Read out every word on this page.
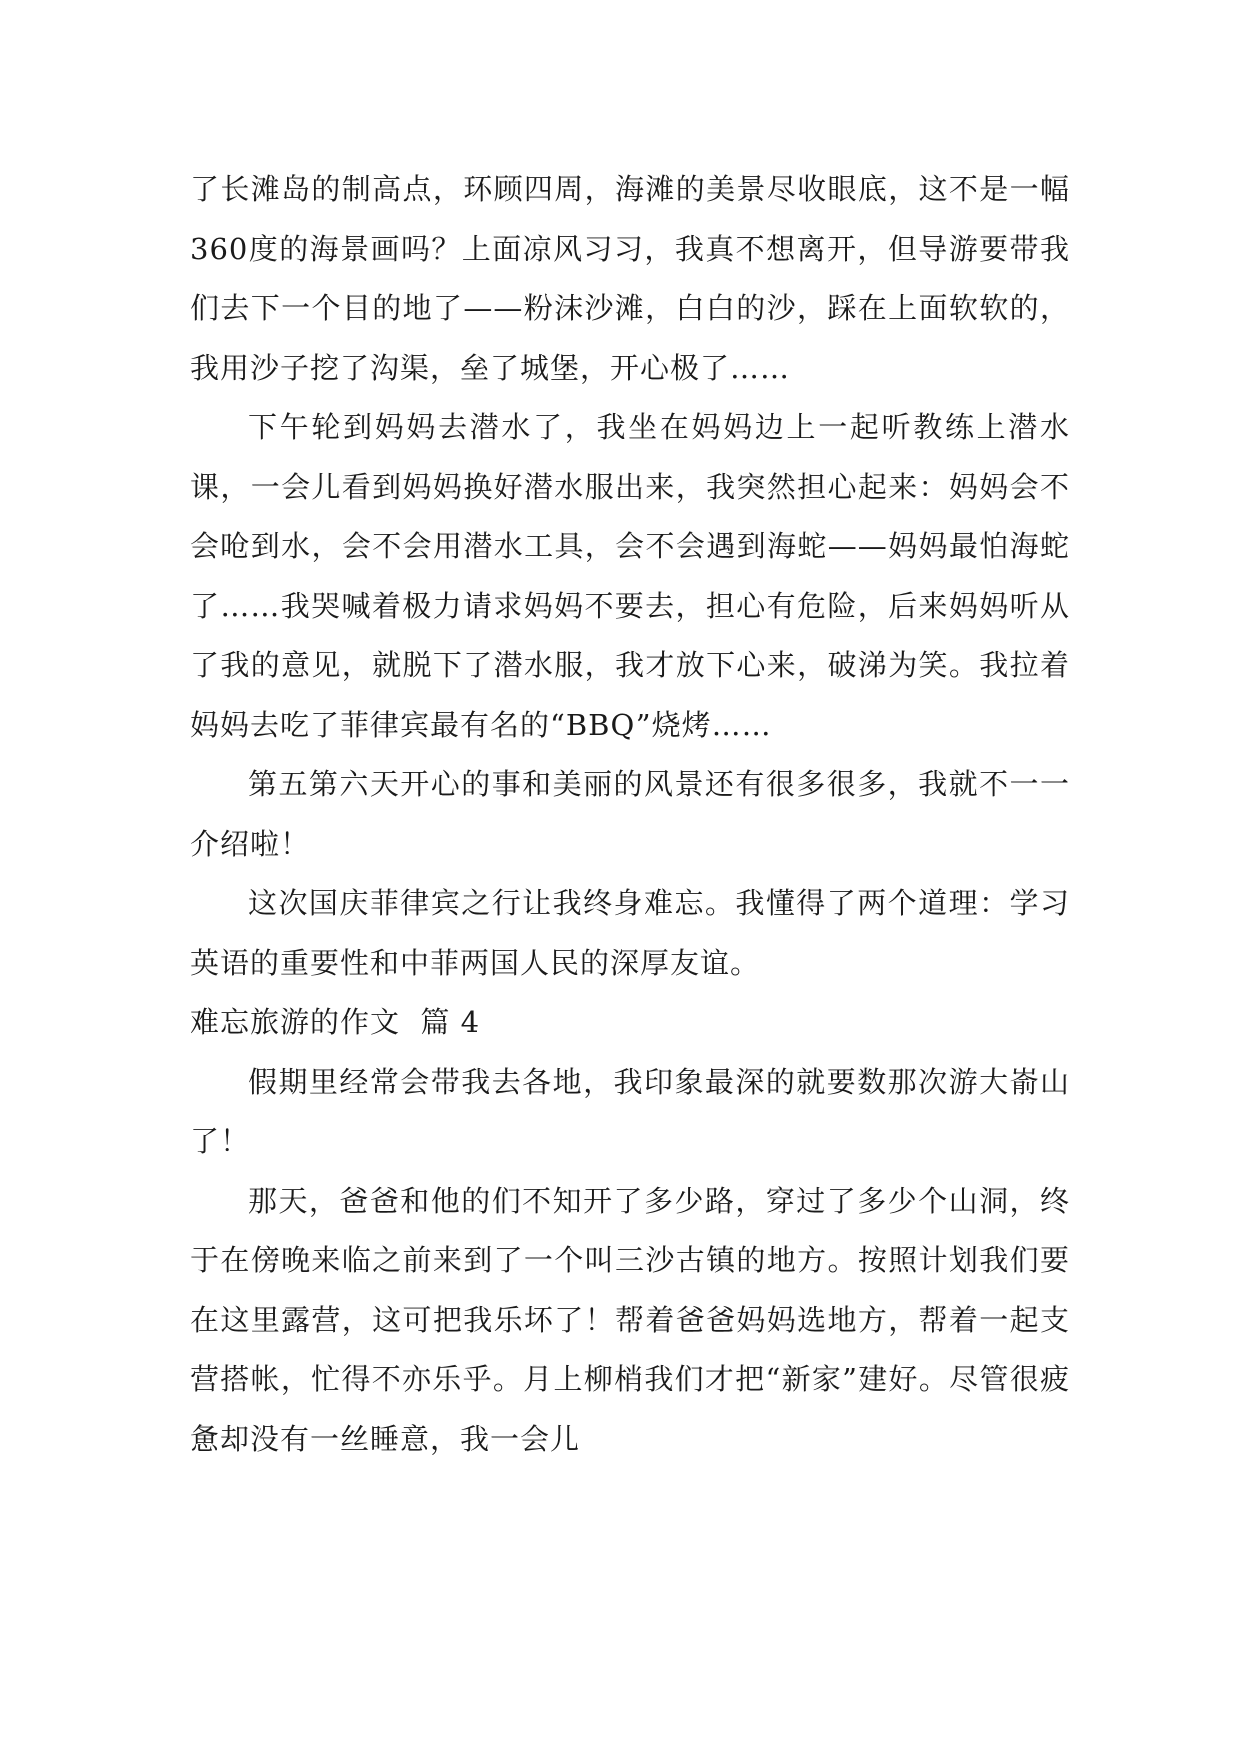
了长滩岛的制高点，环顾四周，海滩的美景尽收眼底，这不是一幅360度的海景画吗？上面凉风习习，我真不想离开，但导游要带我们去下一个目的地了——粉沫沙滩，白白的沙，踩在上面软软的，我用沙子挖了沟渠，垒了城堡，开心极了……

下午轮到妈妈去潜水了，我坐在妈妈边上一起听教练上潜水课，一会儿看到妈妈换好潜水服出来，我突然担心起来：妈妈会不会呛到水，会不会用潜水工具，会不会遇到海蛇——妈妈最怕海蛇了……我哭喊着极力请求妈妈不要去，担心有危险，后来妈妈听从了我的意见，就脱下了潜水服，我才放下心来，破涕为笑。我拉着妈妈去吃了菲律宾最有名的“BBQ”烧烤……

第五第六天开心的事和美丽的风景还有很多很多，我就不一一介绍啦！

这次国庆菲律宾之行让我终身难忘。我懂得了两个道理：学习英语的重要性和中菲两国人民的深厚友谊。

难忘旅游的作文  篇 4

假期里经常会带我去各地，我印象最深的就要数那次游大嵛山了！

那天，爸爸和他的们不知开了多少路，穿过了多少个山洞，终于在傍晚来临之前来到了一个叫三沙古镇的地方。按照计划我们要在这里露营，这可把我乐坏了！帮着爸爸妈妈选地方，帮着一起支营搭帐，忙得不亦乐乎。月上柳梢我们才把“新家”建好。尽管很疲惫却没有一丝睡意，我一会儿
